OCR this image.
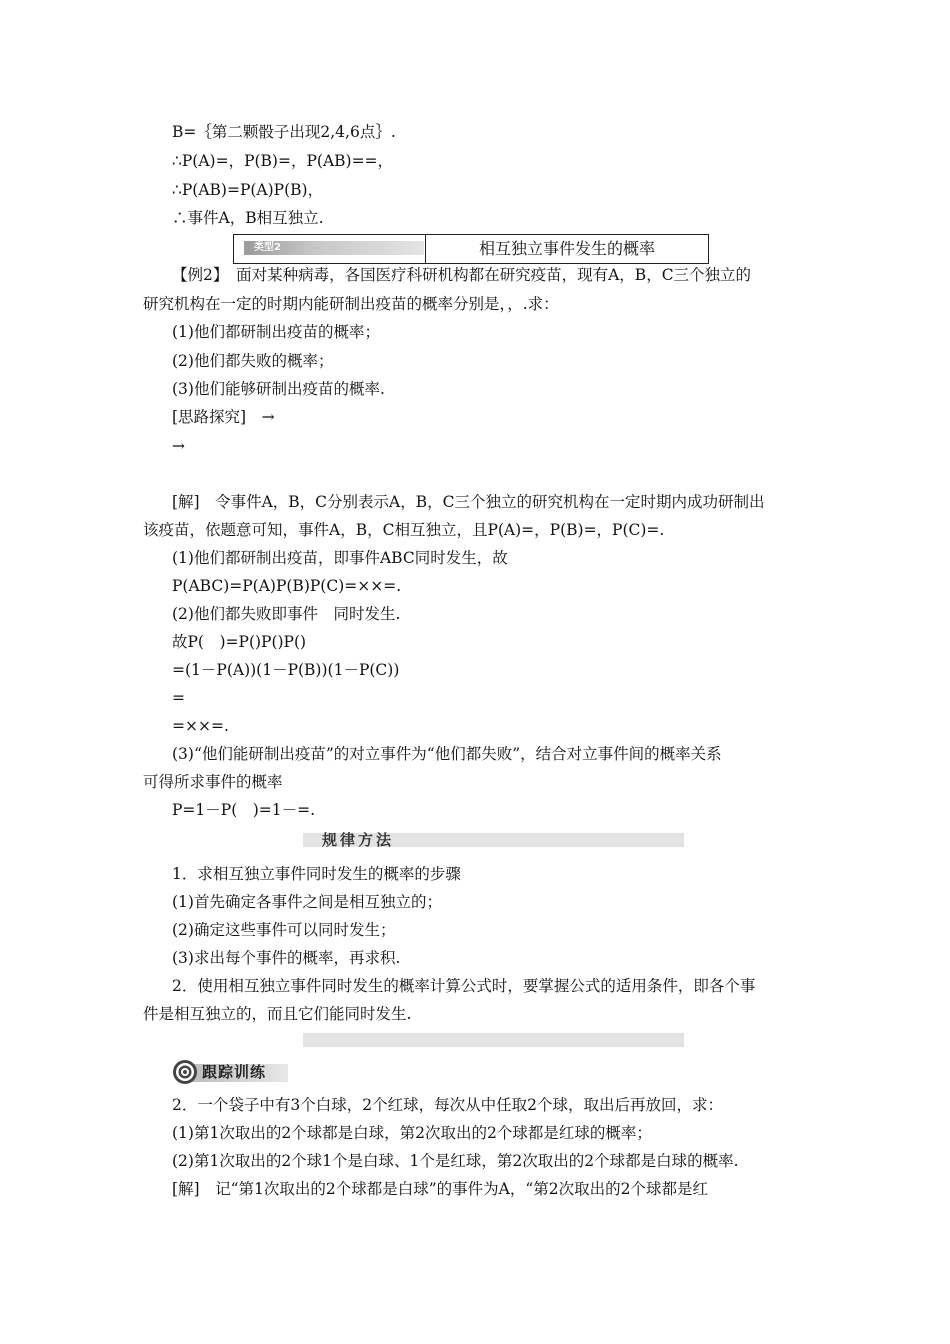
B=｛第二颗骰子出现2,4,6点｝.
∴P(A)=，P(B)=，P(AB)==，
∴P(AB)=P(A)P(B)，
∴事件A，B相互独立.
类型2	相互独立事件发生的概率
【例2】　面对某种病毒，各国医疗科研机构都在研究疫苗，现有A，B，C三个独立的
研究机构在一定的时期内能研制出疫苗的概率分别是，，.求：
(1)他们都研制出疫苗的概率；
(2)他们都失败的概率；
(3)他们能够研制出疫苗的概率.
[思路探究]　→
→
[解]　令事件A，B，C分别表示A，B，C三个独立的研究机构在一定时期内成功研制出
该疫苗，依题意可知，事件A，B，C相互独立，且P(A)=，P(B)=，P(C)=.
(1)他们都研制出疫苗，即事件ABC同时发生，故
P(ABC)=P(A)P(B)P(C)=××=.
(2)他们都失败即事件　同时发生.
故P(　)=P()P()P()
=(1－P(A))(1－P(B))(1－P(C))
=
=××=.
(3)“他们能研制出疫苗”的对立事件为“他们都失败”，结合对立事件间的概率关系
可得所求事件的概率
P=1－P(　)=1－=.
规律方法
1．求相互独立事件同时发生的概率的步骤
(1)首先确定各事件之间是相互独立的；
(2)确定这些事件可以同时发生；
(3)求出每个事件的概率，再求积.
2．使用相互独立事件同时发生的概率计算公式时，要掌握公式的适用条件，即各个事
件是相互独立的，而且它们能同时发生.
跟踪训练
2．一个袋子中有3个白球，2个红球，每次从中任取2个球，取出后再放回，求：
(1)第1次取出的2个球都是白球，第2次取出的2个球都是红球的概率；
(2)第1次取出的2个球1个是白球、1个是红球，第2次取出的2个球都是白球的概率.
[解]　记“第1次取出的2个球都是白球”的事件为A，“第2次取出的2个球都是红
